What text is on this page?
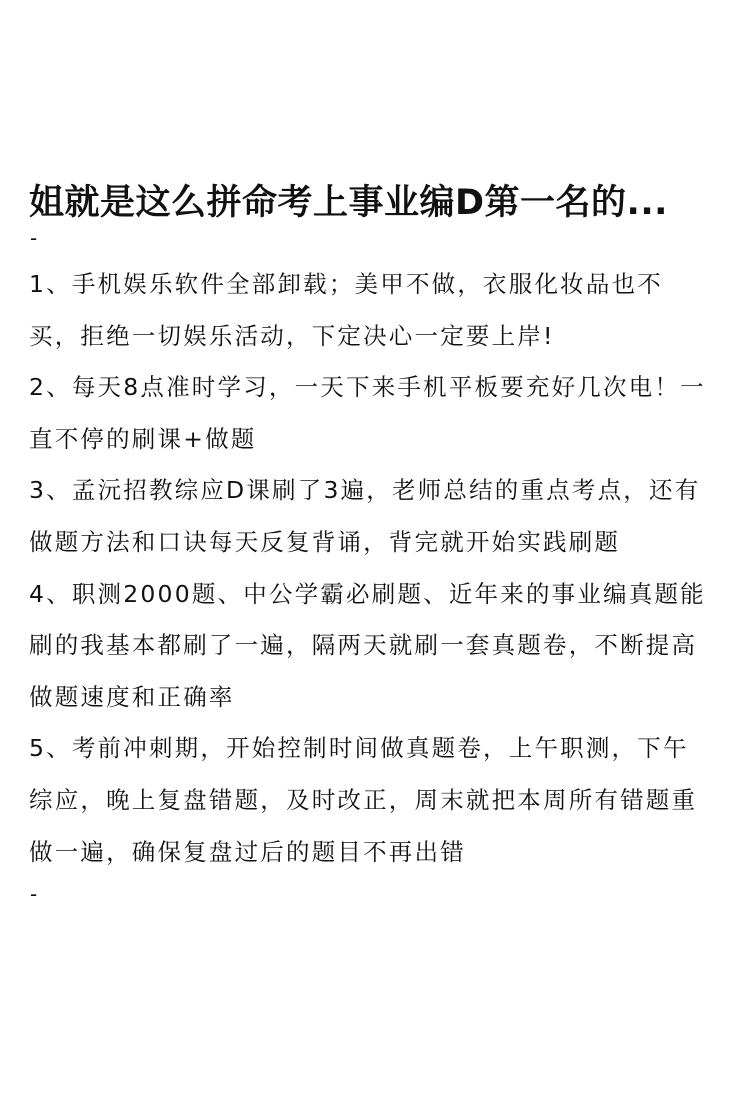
姐就是这么拼命考上事业编D第一名的...
-

1、手机娱乐软件全部卸载；美甲不做，衣服化妆品也不买，拒绝一切娱乐活动，下定决心一定要上岸!

2、每天8点准时学习，一天下来手机平板要充好几次电！一直不停的刷课+做题

3、孟沅招教综应D课刷了3遍，老师总结的重点考点，还有做题方法和口诀每天反复背诵，背完就开始实践刷题

4、职测2000题、中公学霸必刷题、近年来的事业编真题能刷的我基本都刷了一遍，隔两天就刷一套真题卷，不断提高做题速度和正确率

5、考前冲刺期，开始控制时间做真题卷，上午职测，下午综应，晚上复盘错题，及时改正，周末就把本周所有错题重做一遍，确保复盘过后的题目不再出错

-
